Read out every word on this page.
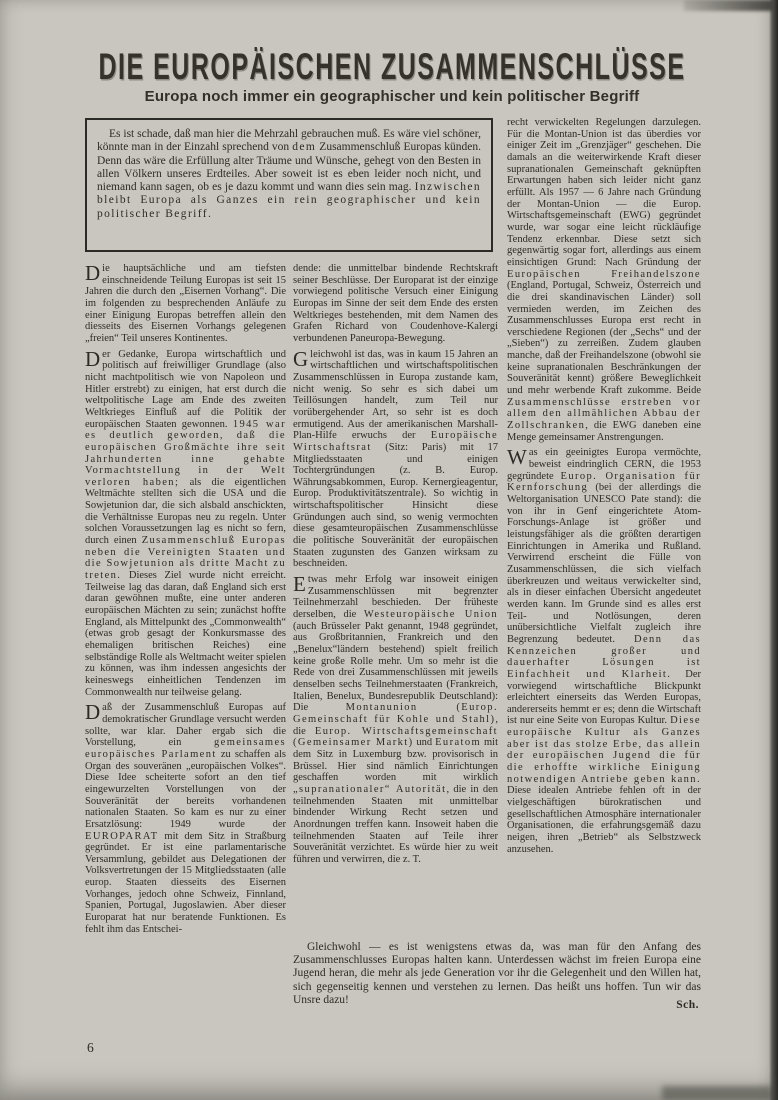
DIE EUROPÄISCHEN ZUSAMMENSCHLÜSSE
Europa noch immer ein geographischer und kein politischer Begriff

Es ist schade, daß man hier die Mehrzahl gebrauchen muß. Es wäre viel schöner, könnte man in der Einzahl sprechend von dem Zusammenschluß Europas künden. Denn das wäre die Erfüllung alter Träume und Wünsche, gehegt von den Besten in allen Völkern unseres Erdteiles. Aber soweit ist es eben leider noch nicht, und niemand kann sagen, ob es je dazu kommt und wann dies sein mag. Inzwischen bleibt Europa als Ganzes ein rein geographischer und kein politischer Begriff.

Die hauptsächliche und am tiefsten einschneidende Teilung Europas ist seit 15 Jahren die durch den „Eisernen Vorhang“. Die im folgenden zu besprechenden Anläufe zu einer Einigung Europas betreffen allein den diesseits des Eisernen Vorhangs gelegenen „freien“ Teil unseres Kontinentes.

Der Gedanke, Europa wirtschaftlich und politisch auf freiwilliger Grundlage (also nicht machtpolitisch wie von Napoleon und Hitler erstrebt) zu einigen, hat erst durch die weltpolitische Lage am Ende des zweiten Weltkrieges Einfluß auf die Politik der europäischen Staaten gewonnen. 1945 war es deutlich geworden, daß die europäischen Großmächte ihre seit Jahrhunderten inne gehabte Vormachtstellung in der Welt verloren haben; als die eigentlichen Weltmächte stellten sich die USA und die Sowjetunion dar, die sich alsbald anschickten, die Verhältnisse Europas neu zu regeln. Unter solchen Voraussetzungen lag es nicht so fern, durch einen Zusammenschluß Europas neben die Vereinigten Staaten und die Sowjetunion als dritte Macht zu treten. Dieses Ziel wurde nicht erreicht. Teilweise lag das daran, daß England sich erst daran gewöhnen mußte, eine unter anderen europäischen Mächten zu sein; zunächst hoffte England, als Mittelpunkt des „Commonwealth“ (etwas grob gesagt der Konkursmasse des ehemaligen britischen Reiches) eine selbständige Rolle als Weltmacht weiter spielen zu können, was ihm indessen angesichts der keineswegs einheitlichen Tendenzen im Commonwealth nur teilweise gelang.

Daß der Zusammenschluß Europas auf demokratischer Grundlage versucht werden sollte, war klar. Daher ergab sich die Vorstellung, ein gemeinsames europäisches Parlament zu schaffen als Organ des souveränen „europäischen Volkes“. Diese Idee scheiterte sofort an den tief eingewurzelten Vorstellungen von der Souveränität der bereits vorhandenen nationalen Staaten. So kam es nur zu einer Ersatzlösung: 1949 wurde der EUROPARAT mit dem Sitz in Straßburg gegründet. Er ist eine parlamentarische Versammlung, gebildet aus Delegationen der Volksvertretungen der 15 Mitgliedsstaaten (alle europ. Staaten diesseits des Eisernen Vorhanges, jedoch ohne Schweiz, Finnland, Spanien, Portugal, Jugoslawien. Aber dieser Europarat hat nur beratende Funktionen. Es fehlt ihm das Entschei-

dende: die unmittelbar bindende Rechtskraft seiner Beschlüsse. Der Europarat ist der einzige vorwiegend politische Versuch einer Einigung Europas im Sinne der seit dem Ende des ersten Weltkrieges bestehenden, mit dem Namen des Grafen Richard von Coudenhove-Kalergi verbundenen Paneuropa-Bewegung.

Gleichwohl ist das, was in kaum 15 Jahren an wirtschaftlichen und wirtschaftspolitischen Zusammenschlüssen in Europa zustande kam, nicht wenig. So sehr es sich dabei um Teillösungen handelt, zum Teil nur vorübergehender Art, so sehr ist es doch ermutigend. Aus der amerikanischen Marshall-Plan-Hilfe erwuchs der Europäische Wirtschaftsrat (Sitz: Paris) mit 17 Mitgliedsstaaten und einigen Tochtergründungen (z. B. Europ. Währungsabkommen, Europ. Kernergieagentur, Europ. Produktivitätszentrale). So wichtig in wirtschaftspolitischer Hinsicht diese Gründungen auch sind, so wenig vermochten diese gesamteuropäischen Zusammenschlüsse die politische Souveränität der europäischen Staaten zugunsten des Ganzen wirksam zu beschneiden.

Etwas mehr Erfolg war insoweit einigen Zusammenschlüssen mit begrenzter Teilnehmerzahl beschieden. Der früheste derselben, die Westeuropäische Union (auch Brüsseler Pakt genannt, 1948 gegründet, aus Großbritannien, Frankreich und den „Benelux“ländern bestehend) spielt freilich keine große Rolle mehr. Um so mehr ist die Rede von drei Zusammenschlüssen mit jeweils denselben sechs Teilnehmerstaaten (Frankreich, Italien, Benelux, Bundesrepublik Deutschland): Die Montanunion (Europ. Gemeinschaft für Kohle und Stahl), die Europ. Wirtschaftsgemeinschaft (Gemeinsamer Markt) und Euratom mit dem Sitz in Luxemburg bzw. provisorisch in Brüssel. Hier sind nämlich Einrichtungen geschaffen worden mit wirklich „supranationaler“ Autorität, die in den teilnehmenden Staaten mit unmittelbar bindender Wirkung Recht setzen und Anordnungen treffen kann. Insoweit haben die teilnehmenden Staaten auf Teile ihrer Souveränität verzichtet. Es würde hier zu weit führen und verwirren, die z. T.

recht verwickelten Regelungen darzulegen. Für die Montan-Union ist das überdies vor einiger Zeit im „Grenzjäger“ geschehen. Die damals an die weiterwirkende Kraft dieser supranationalen Gemeinschaft geknüpften Erwartungen haben sich leider nicht ganz erfüllt. Als 1957 — 6 Jahre nach Gründung der Montan-Union — die Europ. Wirtschaftsgemeinschaft (EWG) gegründet wurde, war sogar eine leicht rückläufige Tendenz erkennbar. Diese setzt sich gegenwärtig sogar fort, allerdings aus einem einsichtigen Grund: Nach Gründung der Europäischen Freihandelszone (England, Portugal, Schweiz, Österreich und die drei skandinavischen Länder) soll vermieden werden, im Zeichen des Zusammenschlusses Europa erst recht in verschiedene Regionen (der „Sechs“ und der „Sieben“) zu zerreißen. Zudem glauben manche, daß der Freihandelszone (obwohl sie keine supranationalen Beschränkungen der Souveränität kennt) größere Beweglichkeit und mehr werbende Kraft zukomme. Beide Zusammenschlüsse erstreben vor allem den allmählichen Abbau der Zollschranken, die EWG daneben eine Menge gemeinsamer Anstrengungen.

Was ein geeinigtes Europa vermöchte, beweist eindringlich CERN, die 1953 gegründete Europ. Organisation für Kernforschung (bei der allerdings die Weltorganisation UNESCO Pate stand): die von ihr in Genf eingerichtete Atom-Forschungs-Anlage ist größer und leistungsfähiger als die größten derartigen Einrichtungen in Amerika und Rußland. Verwirrend erscheint die Fülle von Zusammenschlüssen, die sich vielfach überkreuzen und weitaus verwickelter sind, als in dieser einfachen Übersicht angedeutet werden kann. Im Grunde sind es alles erst Teil- und Notlösungen, deren unübersichtliche Vielfalt zugleich ihre Begrenzung bedeutet. Denn das Kennzeichen großer und dauerhafter Lösungen ist Einfachheit und Klarheit. Der vorwiegend wirtschaftliche Blickpunkt erleichtert einerseits das Werden Europas, andererseits hemmt er es; denn die Wirtschaft ist nur eine Seite von Europas Kultur. Diese europäische Kultur als Ganzes aber ist das stolze Erbe, das allein der europäischen Jugend die für die erhoffte wirkliche Einigung notwendigen Antriebe geben kann. Diese idealen Antriebe fehlen oft in der vielgeschäftigen bürokratischen und gesellschaftlichen Atmosphäre internationaler Organisationen, die erfahrungsgemäß dazu neigen, ihren „Betrieb“ als Selbstzweck anzusehen.

Gleichwohl — es ist wenigstens etwas da, was man für den Anfang des Zusammenschlusses Europas halten kann. Unterdessen wächst im freien Europa eine Jugend heran, die mehr als jede Generation vor ihr die Gelegenheit und den Willen hat, sich gegenseitig kennen und verstehen zu lernen. Das heißt uns hoffen. Tun wir das Unsre dazu!	Sch.
6
